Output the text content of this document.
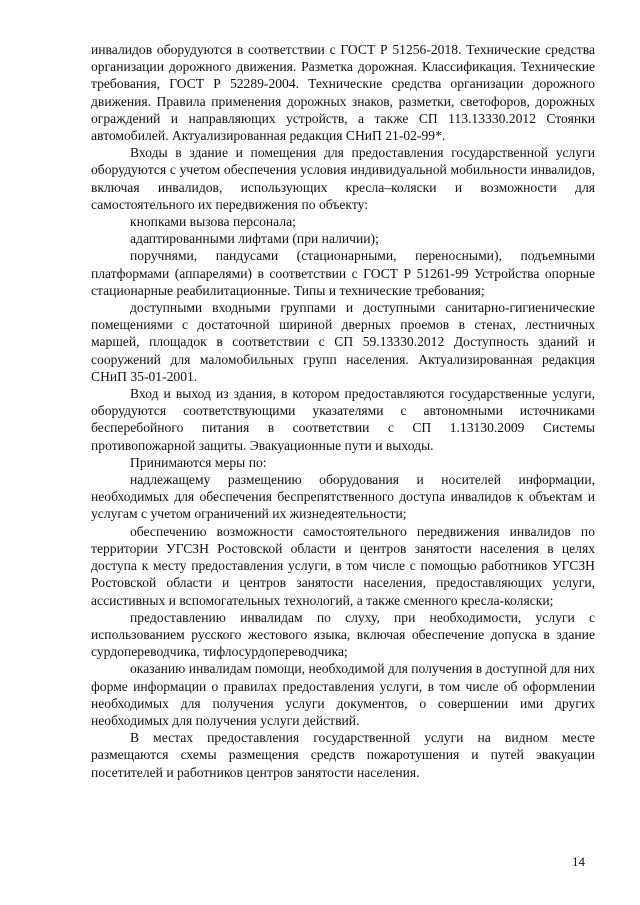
инвалидов оборудуются в соответствии с ГОСТ Р 51256-2018. Технические средства организации дорожного движения. Разметка дорожная. Классификация. Технические требования, ГОСТ Р 52289-2004. Технические средства организации дорожного движения. Правила применения дорожных знаков, разметки, светофоров, дорожных ограждений и направляющих устройств, а также СП 113.13330.2012 Стоянки автомобилей. Актуализированная редакция СНиП 21-02-99*.

Входы в здание и помещения для предоставления государственной услуги оборудуются с учетом обеспечения условия индивидуальной мобильности инвалидов, включая инвалидов, использующих кресла–коляски и возможности для самостоятельного их передвижения по объекту:

кнопками вызова персонала;

адаптированными лифтами (при наличии);

поручнями, пандусами (стационарными, переносными), подъемными платформами (аппарелями) в соответствии с ГОСТ Р 51261-99 Устройства опорные стационарные реабилитационные. Типы и технические требования;

доступными входными группами и доступными санитарно-гигиенические помещениями с достаточной шириной дверных проемов в стенах, лестничных маршей, площадок в соответствии с СП 59.13330.2012 Доступность зданий и сооружений для маломобильных групп населения. Актуализированная редакция СНиП 35-01-2001.

Вход и выход из здания, в котором предоставляются государственные услуги, оборудуются соответствующими указателями с автономными источниками бесперебойного питания в соответствии с СП 1.13130.2009 Системы противопожарной защиты. Эвакуационные пути и выходы.

Принимаются меры по:

надлежащему размещению оборудования и носителей информации, необходимых для обеспечения беспрепятственного доступа инвалидов к объектам и услугам с учетом ограничений их жизнедеятельности;

обеспечению возможности самостоятельного передвижения инвалидов по территории УГСЗН Ростовской области и центров занятости населения в целях доступа к месту предоставления услуги, в том числе с помощью работников УГСЗН Ростовской области и центров занятости населения, предоставляющих услуги, ассистивных и вспомогательных технологий, а также сменного кресла-коляски;

предоставлению инвалидам по слуху, при необходимости, услуги с использованием русского жестового языка, включая обеспечение допуска в здание сурдопереводчика, тифлосурдопереводчика;

оказанию инвалидам помощи, необходимой для получения в доступной для них форме информации о правилах предоставления услуги, в том числе об оформлении необходимых для получения услуги документов, о совершении ими других необходимых для получения услуги действий.

В местах предоставления государственной услуги на видном месте размещаются схемы размещения средств пожаротушения и путей эвакуации посетителей и работников центров занятости населения.

14
